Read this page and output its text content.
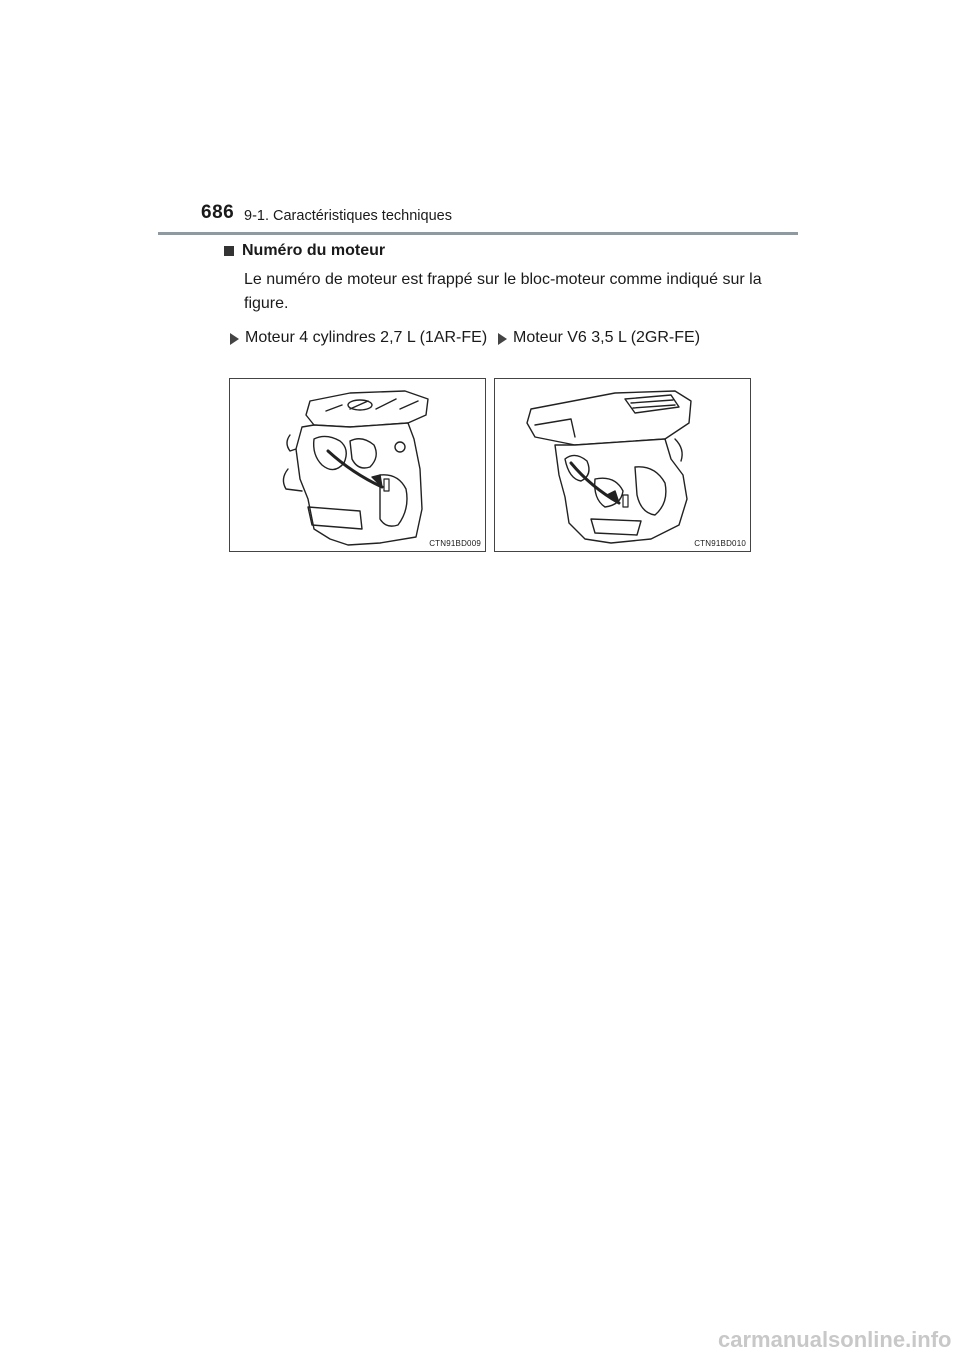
686 9-1. Caractéristiques techniques
Numéro du moteur
Le numéro de moteur est frappé sur le bloc-moteur comme indiqué sur la figure.
Moteur 4 cylindres 2,7 L (1AR-FE) Moteur V6 3,5 L (2GR-FE)
CTN91BD009	CTN91BD010
carmanualsonline.info
